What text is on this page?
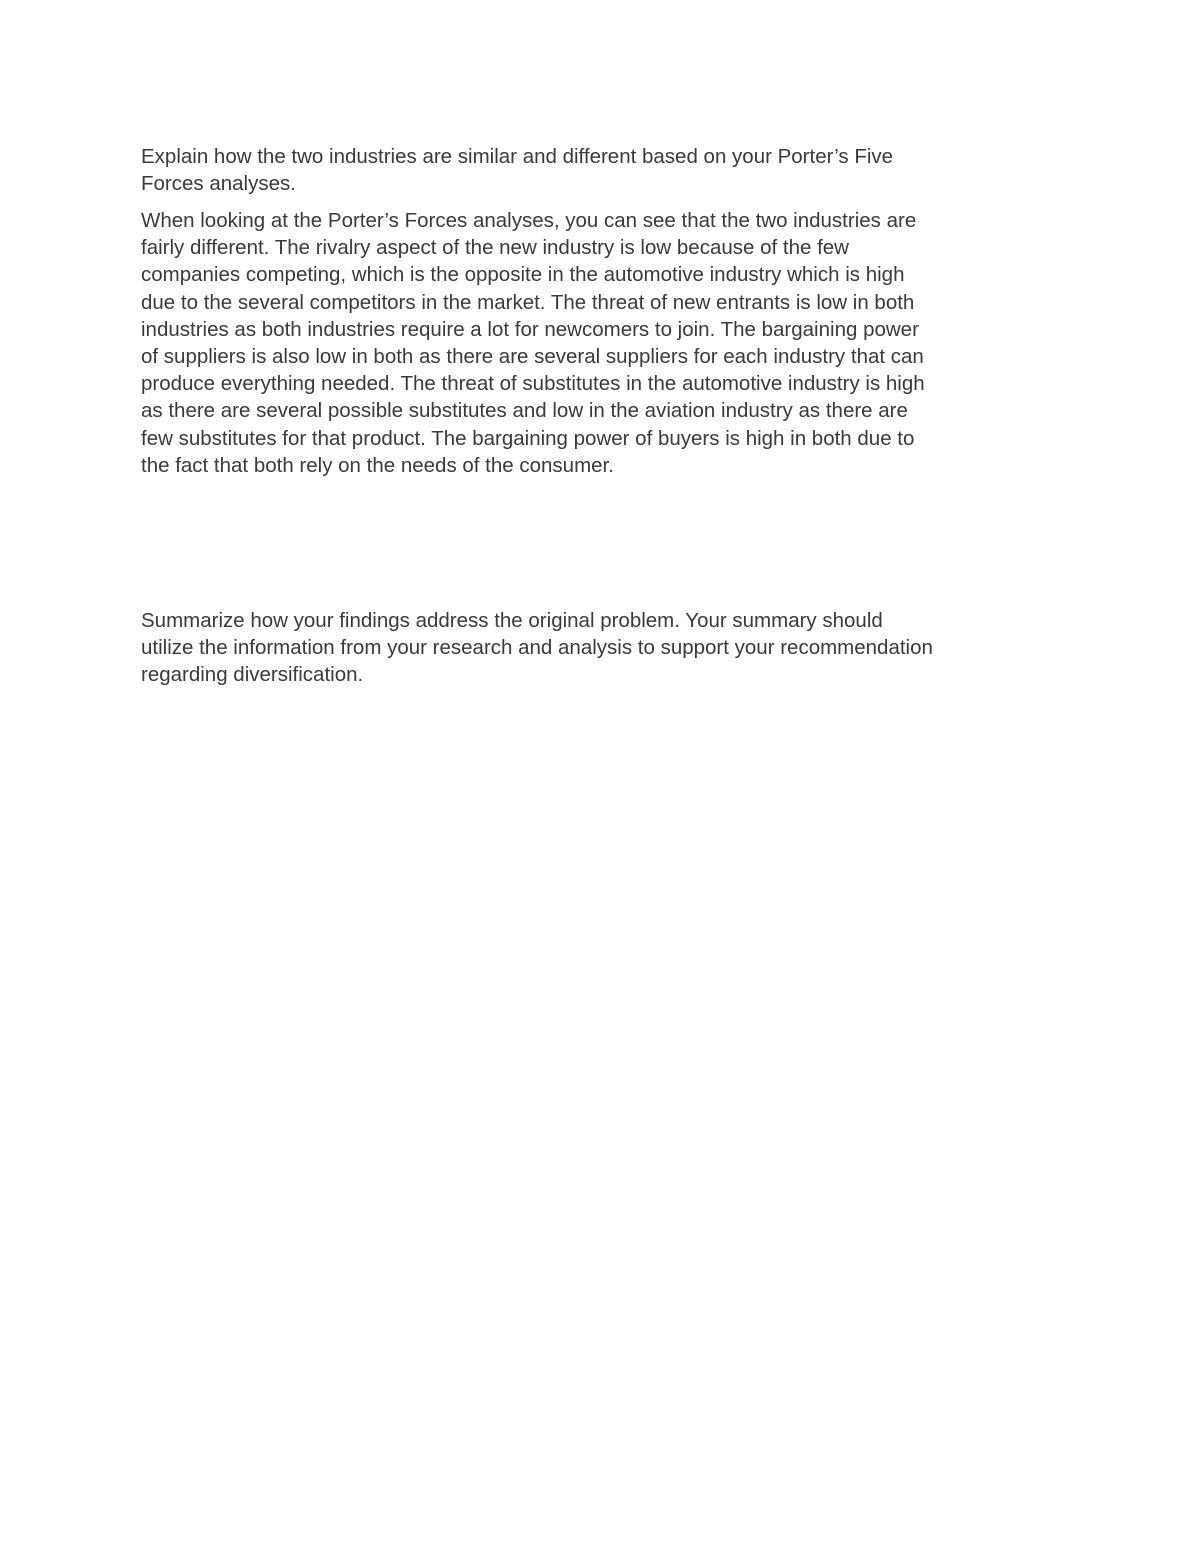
Explain how the two industries are similar and different based on your Porter’s Five
Forces analyses.

When looking at the Porter’s Forces analyses, you can see that the two industries are
fairly different. The rivalry aspect of the new industry is low because of the few
companies competing, which is the opposite in the automotive industry which is high
due to the several competitors in the market. The threat of new entrants is low in both
industries as both industries require a lot for newcomers to join. The bargaining power
of suppliers is also low in both as there are several suppliers for each industry that can
produce everything needed. The threat of substitutes in the automotive industry is high
as there are several possible substitutes and low in the aviation industry as there are
few substitutes for that product. The bargaining power of buyers is high in both due to
the fact that both rely on the needs of the consumer.

Summarize how your findings address the original problem. Your summary should
utilize the information from your research and analysis to support your recommendation
regarding diversification.
